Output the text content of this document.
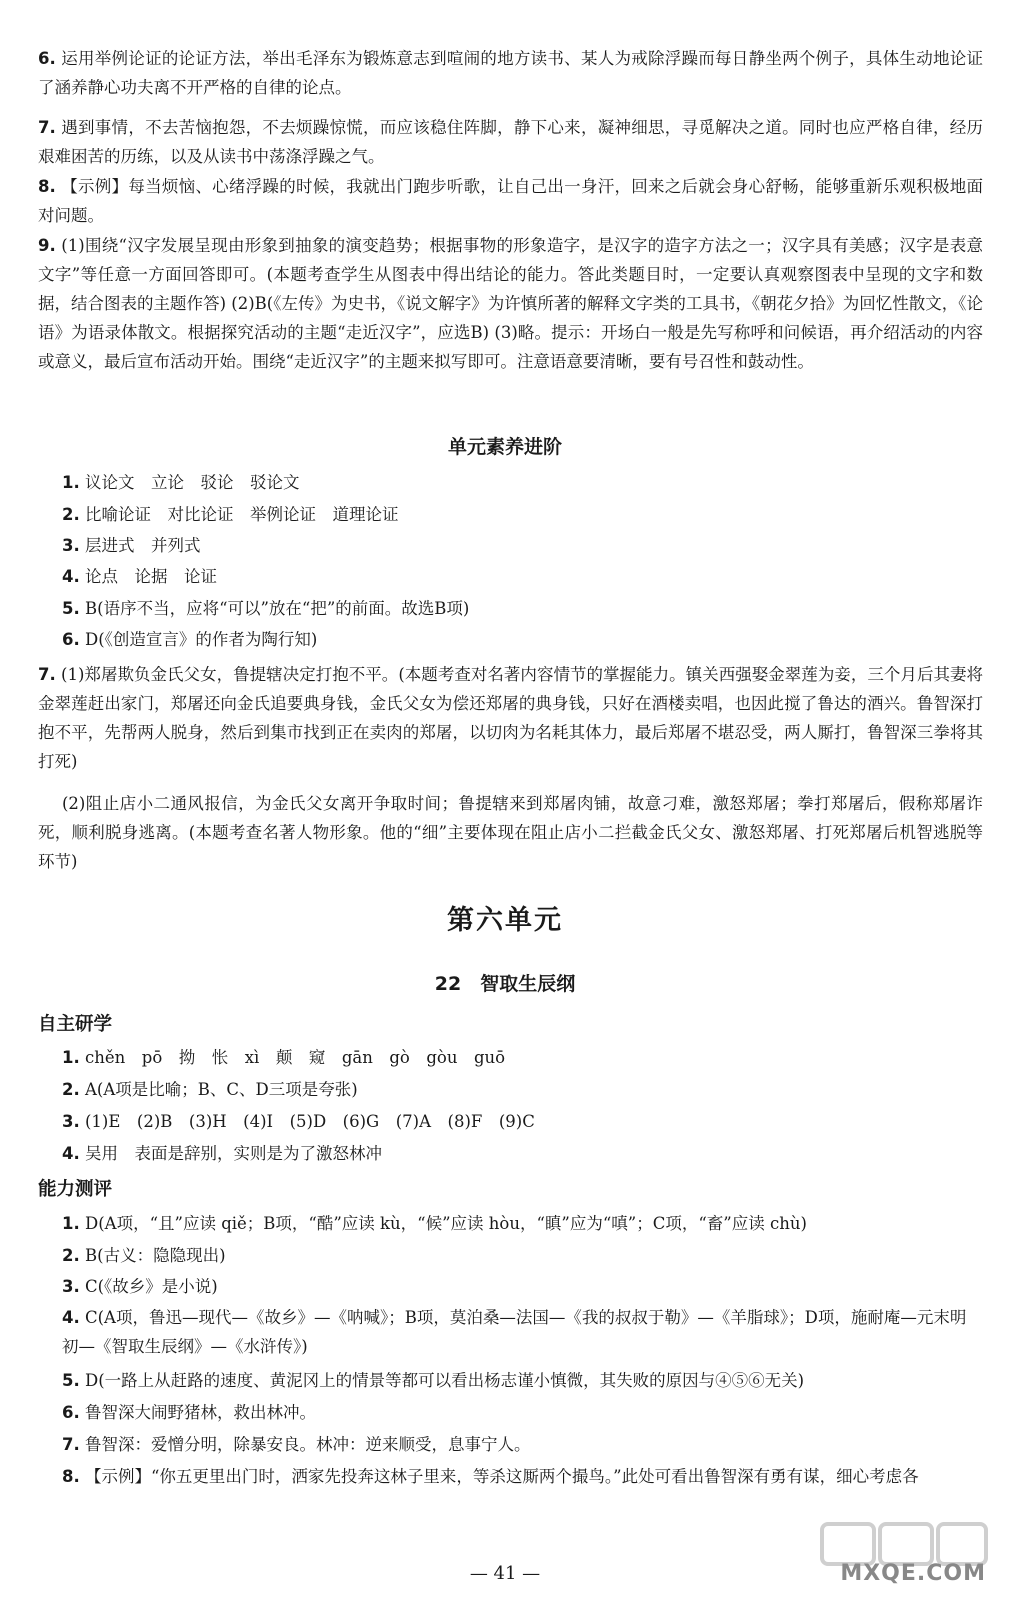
6. 运用举例论证的论证方法，举出毛泽东为锻炼意志到喧闹的地方读书、某人为戒除浮躁而每日静坐两个例子，具体生动地论证了涵养静心功夫离不开严格的自律的论点。

7. 遇到事情，不去苦恼抱怨，不去烦躁惊慌，而应该稳住阵脚，静下心来，凝神细思，寻觅解决之道。同时也应严格自律，经历艰难困苦的历练，以及从读书中荡涤浮躁之气。

8. 【示例】每当烦恼、心绪浮躁的时候，我就出门跑步听歌，让自己出一身汗，回来之后就会身心舒畅，能够重新乐观积极地面对问题。

9. (1)围绕“汉字发展呈现由形象到抽象的演变趋势；根据事物的形象造字，是汉字的造字方法之一；汉字具有美感；汉字是表意文字”等任意一方面回答即可。(本题考查学生从图表中得出结论的能力。答此类题目时，一定要认真观察图表中呈现的文字和数据，结合图表的主题作答) (2)B(《左传》为史书，《说文解字》为许慎所著的解释文字类的工具书，《朝花夕拾》为回忆性散文，《论语》为语录体散文。根据探究活动的主题“走近汉字”，应选B) (3)略。提示：开场白一般是先写称呼和问候语，再介绍活动的内容或意义，最后宣布活动开始。围绕“走近汉字”的主题来拟写即可。注意语意要清晰，要有号召性和鼓动性。

单元素养进阶
1. 议论文　立论　驳论　驳论文
2. 比喻论证　对比论证　举例论证　道理论证
3. 层进式　并列式
4. 论点　论据　论证
5. B(语序不当，应将“可以”放在“把”的前面。故选B项)
6. D(《创造宣言》的作者为陶行知)

7. (1)郑屠欺负金氏父女，鲁提辖决定打抱不平。(本题考查对名著内容情节的掌握能力。镇关西强娶金翠莲为妾，三个月后其妻将金翠莲赶出家门，郑屠还向金氏追要典身钱，金氏父女为偿还郑屠的典身钱，只好在酒楼卖唱，也因此搅了鲁达的酒兴。鲁智深打抱不平，先帮两人脱身，然后到集市找到正在卖肉的郑屠，以切肉为名耗其体力，最后郑屠不堪忍受，两人厮打，鲁智深三拳将其打死)

(2)阻止店小二通风报信，为金氏父女离开争取时间；鲁提辖来到郑屠肉铺，故意刁难，激怒郑屠；拳打郑屠后，假称郑屠诈死，顺利脱身逃离。(本题考查名著人物形象。他的“细”主要体现在阻止店小二拦截金氏父女、激怒郑屠、打死郑屠后机智逃脱等环节)

第六单元
22　智取生辰纲
自主研学
1. chěn　pō　拗　怅　xì　颠　窥　gān　gò　gòu　guō
2. A(A项是比喻；B、C、D三项是夸张)
3. (1)E　(2)B　(3)H　(4)I　(5)D　(6)G　(7)A　(8)F　(9)C
4. 吴用　表面是辞别，实则是为了激怒林冲
能力测评
1. D(A项，“且”应读 qiě；B项，“酷”应读 kù，“候”应读 hòu，“瞋”应为“嗔”；C项，“畜”应读 chù)
2. B(古义：隐隐现出)
3. C(《故乡》是小说)
4. C(A项，鲁迅—现代—《故乡》—《呐喊》；B项，莫泊桑—法国—《我的叔叔于勒》—《羊脂球》；D项，施耐庵—元末明初—《智取生辰纲》—《水浒传》)
5. D(一路上从赶路的速度、黄泥冈上的情景等都可以看出杨志谨小慎微，其失败的原因与④⑤⑥无关)
6. 鲁智深大闹野猪林，救出林冲。
7. 鲁智深：爱憎分明，除暴安良。林冲：逆来顺受，息事宁人。
8. 【示例】“你五更里出门时，洒家先投奔这林子里来，等杀这厮两个撮鸟。”此处可看出鲁智深有勇有谋，细心考虑各
— 41 —	MXQE.COM
